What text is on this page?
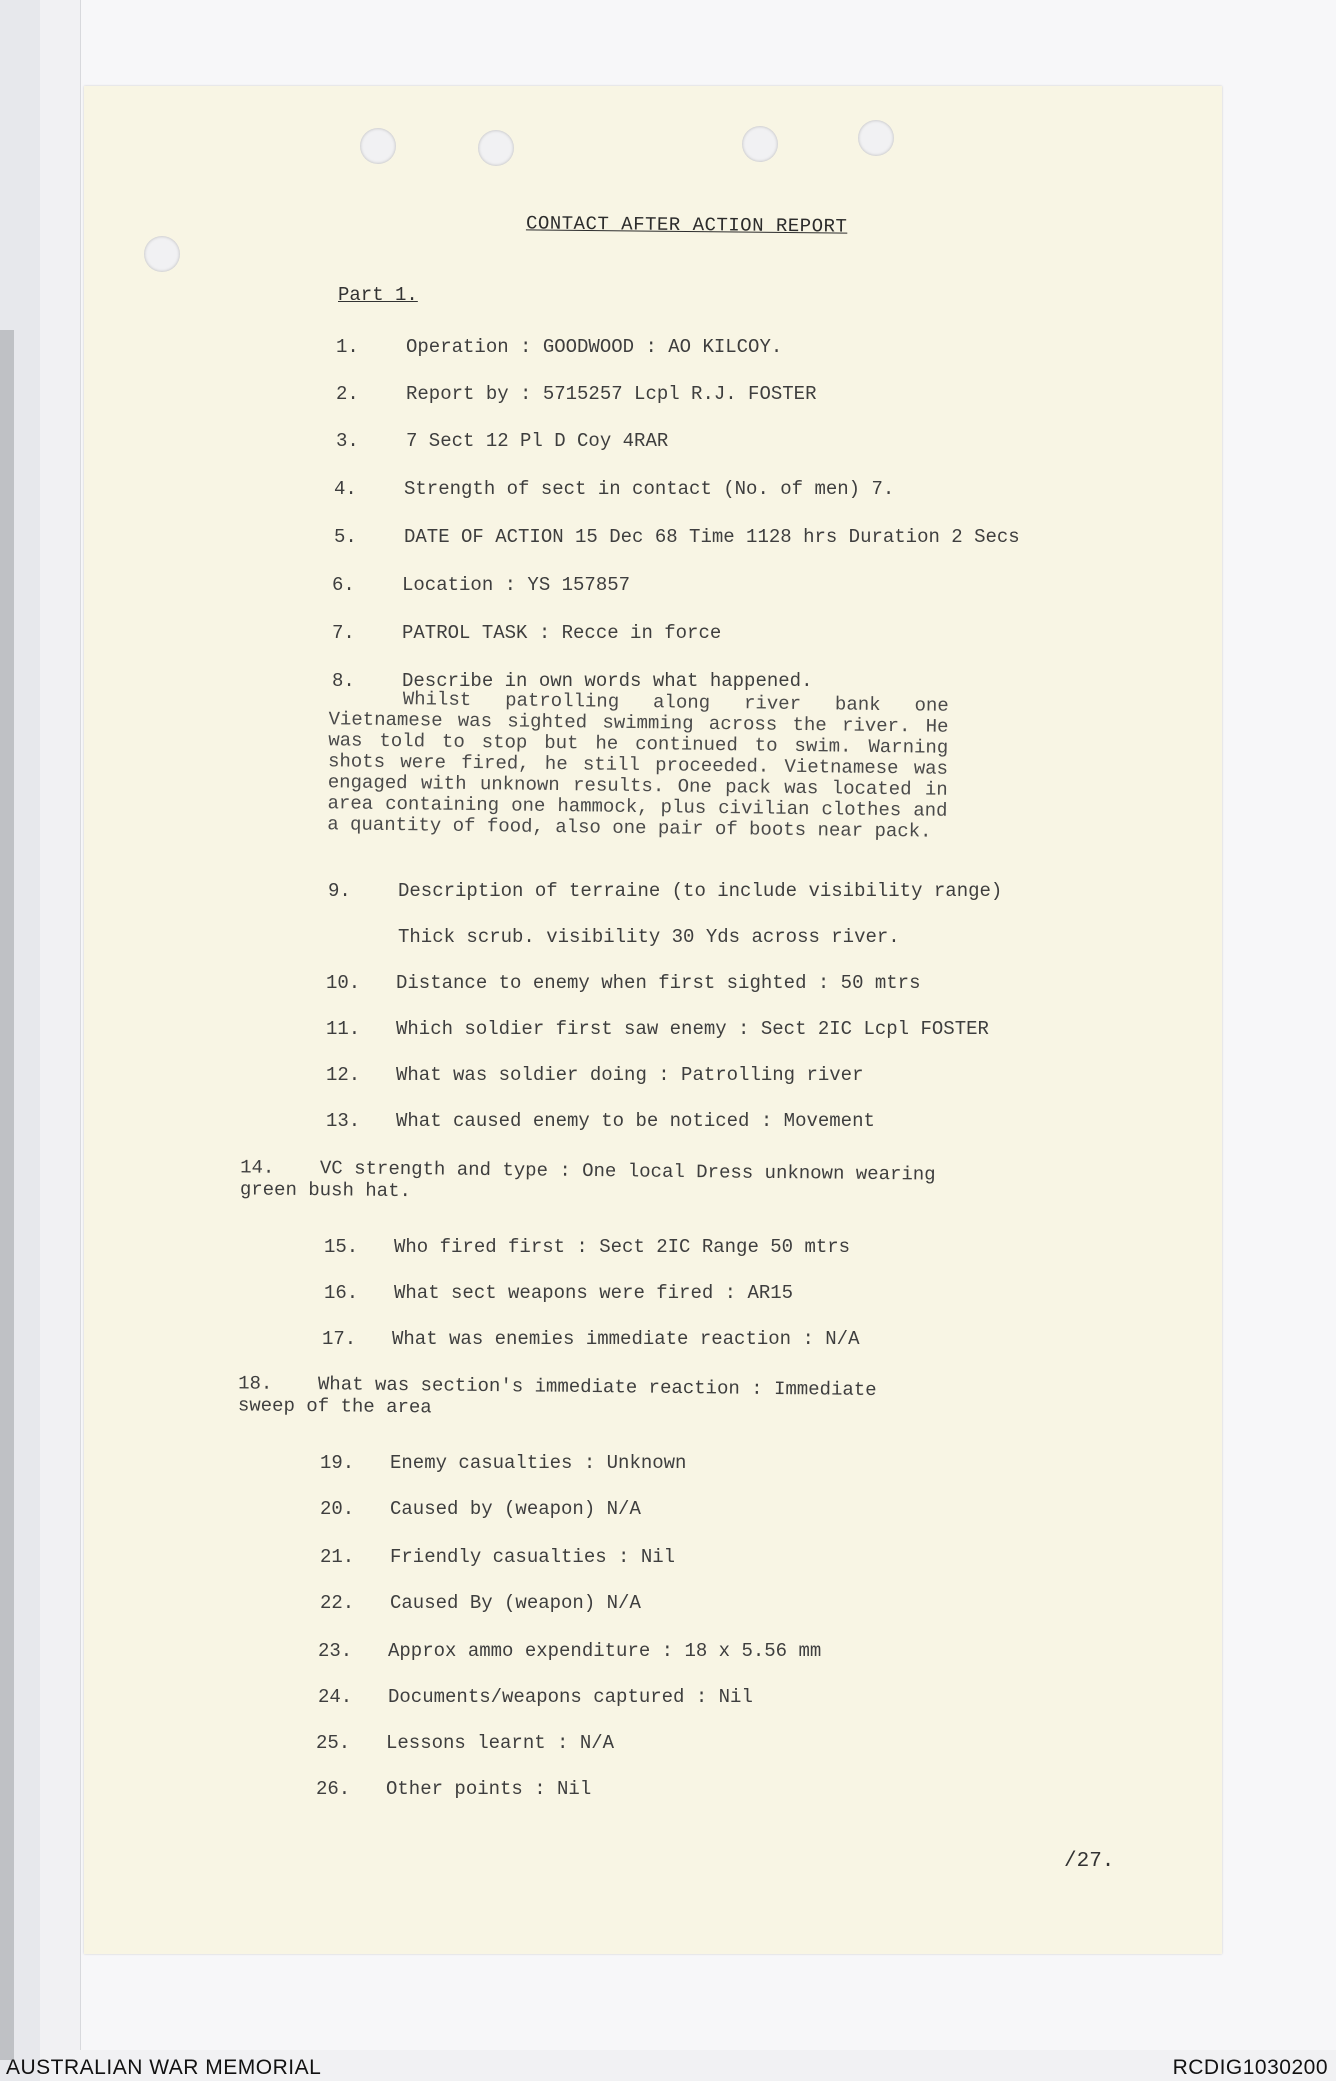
CONTACT AFTER ACTION REPORT
Part 1.
1. Operation : GOODWOOD : AO KILCOY.
2. Report by : 5715257 Lcpl R.J. FOSTER
3. 7 Sect 12 Pl D Coy 4RAR
4. Strength of sect in contact (No. of men) 7.
5. DATE OF ACTION 15 Dec 68 Time 1128 hrs Duration 2 Secs
6. Location : YS 157857
7. PATROL TASK : Recce in force
8. Describe in own words what happened.
Whilst patrolling along river bank one Vietnamese was sighted swimming across the river. He was told to stop but he continued to swim. Warning shots were fired, he still proceeded. Vietnamese was engaged with unknown results. One pack was located in area containing one hammock, plus civilian clothes and a quantity of food, also one pair of boots near pack.
9. Description of terraine (to include visibility range)
Thick scrub. visibility 30 Yds across river.
10. Distance to enemy when first sighted : 50 mtrs
11. Which soldier first saw enemy : Sect 2IC Lcpl FOSTER
12. What was soldier doing : Patrolling river
13. What caused enemy to be noticed : Movement
14. VC strength and type : One local Dress unknown wearing green bush hat.
15. Who fired first : Sect 2IC Range 50 mtrs
16. What sect weapons were fired : AR15
17. What was enemies immediate reaction : N/A
18. What was section's immediate reaction : Immediate sweep of the area
19. Enemy casualties : Unknown
20. Caused by (weapon) N/A
21. Friendly casualties : Nil
22. Caused By (weapon) N/A
23. Approx ammo expenditure : 18 x 5.56 mm
24. Documents/weapons captured : Nil
25. Lessons learnt : N/A
26. Other points : Nil
/27.
AUSTRALIAN WAR MEMORIAL	RCDIG1030200
